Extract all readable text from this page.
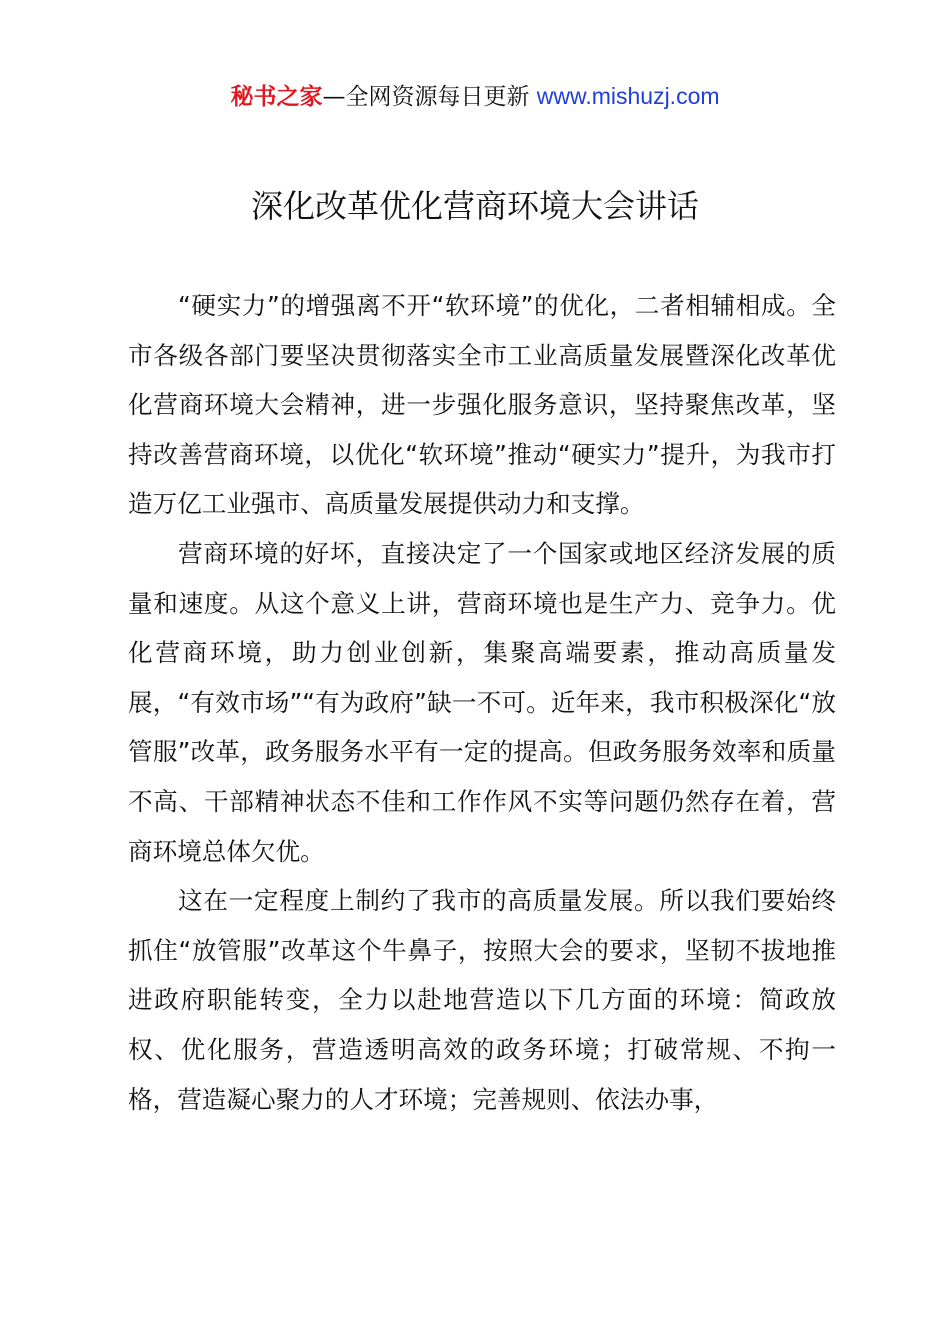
秘书之家—全网资源每日更新 www.mishuzj.com
深化改革优化营商环境大会讲话

“硬实力”的增强离不开“软环境”的优化，二者相辅相成。全市各级各部门要坚决贯彻落实全市工业高质量发展暨深化改革优化营商环境大会精神，进一步强化服务意识，坚持聚焦改革，坚持改善营商环境，以优化“软环境”推动“硬实力”提升，为我市打造万亿工业强市、高质量发展提供动力和支撑。

营商环境的好坏，直接决定了一个国家或地区经济发展的质量和速度。从这个意义上讲，营商环境也是生产力、竞争力。优化营商环境，助力创业创新，集聚高端要素，推动高质量发展，“有效市场”“有为政府”缺一不可。近年来，我市积极深化“放管服”改革，政务服务水平有一定的提高。但政务服务效率和质量不高、干部精神状态不佳和工作作风不实等问题仍然存在着，营商环境总体欠优。

这在一定程度上制约了我市的高质量发展。所以我们要始终抓住“放管服”改革这个牛鼻子，按照大会的要求，坚韧不拔地推进政府职能转变，全力以赴地营造以下几方面的环境：简政放权、优化服务，营造透明高效的政务环境；打破常规、不拘一格，营造凝心聚力的人才环境；完善规则、依法办事，
